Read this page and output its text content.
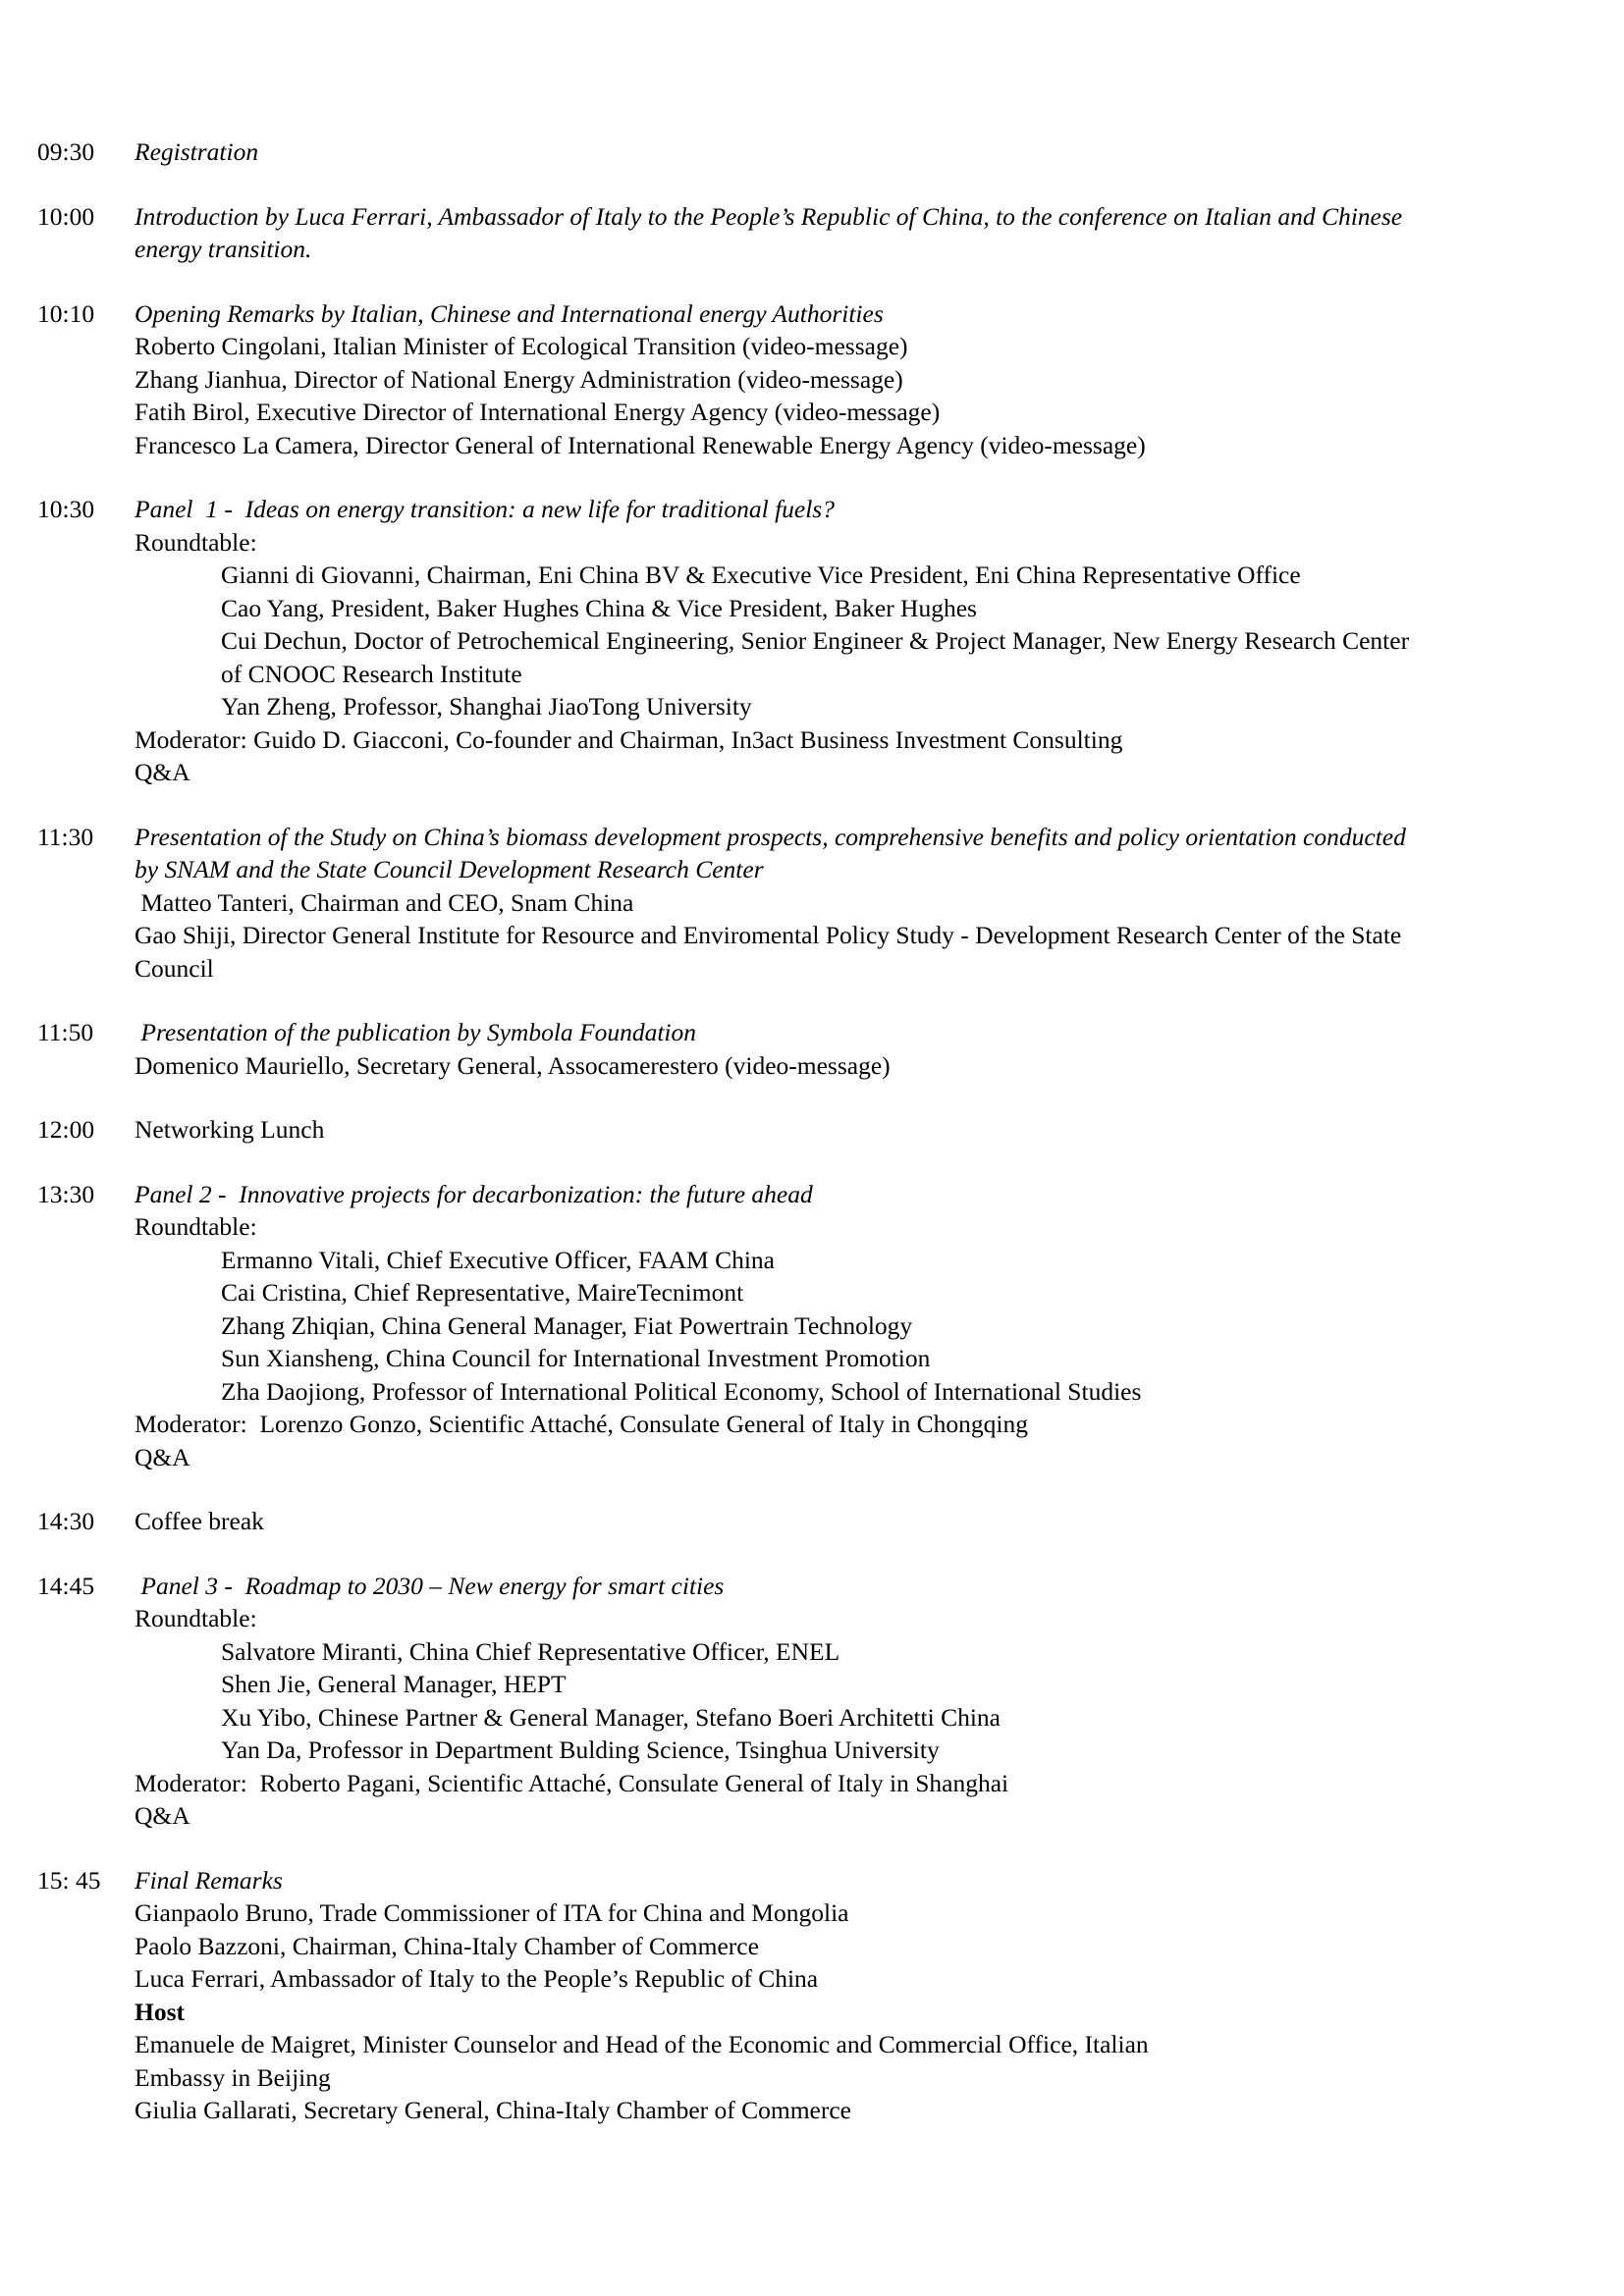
09:30	Registration
10:00	Introduction by Luca Ferrari, Ambassador of Italy to the People’s Republic of China, to the conference on Italian and Chinese
energy transition.
10:10	Opening Remarks by Italian, Chinese and International energy Authorities
Roberto Cingolani, Italian Minister of Ecological Transition (video-message)
Zhang Jianhua, Director of National Energy Administration (video-message)
Fatih Birol, Executive Director of International Energy Agency (video-message)
Francesco La Camera, Director General of International Renewable Energy Agency (video-message)
10:30	Panel  1 -  Ideas on energy transition: a new life for traditional fuels?
Roundtable:
Gianni di Giovanni, Chairman, Eni China BV & Executive Vice President, Eni China Representative Office
Cao Yang, President, Baker Hughes China & Vice President, Baker Hughes
Cui Dechun, Doctor of Petrochemical Engineering, Senior Engineer & Project Manager, New Energy Research Center
of CNOOC Research Institute
Yan Zheng, Professor, Shanghai JiaoTong University
Moderator: Guido D. Giacconi, Co-founder and Chairman, In3act Business Investment Consulting
Q&A
11:30	Presentation of the Study on China’s biomass development prospects, comprehensive benefits and policy orientation conducted
by SNAM and the State Council Development Research Center
Matteo Tanteri, Chairman and CEO, Snam China
Gao Shiji, Director General Institute for Resource and Enviromental Policy Study - Development Research Center of the State
Council
11:50	Presentation of the publication by Symbola Foundation
Domenico Mauriello, Secretary General, Assocamerestero (video-message)
12:00	Networking Lunch
13:30	Panel 2 -  Innovative projects for decarbonization: the future ahead
Roundtable:
Ermanno Vitali, Chief Executive Officer, FAAM China
Cai Cristina, Chief Representative, MaireTecnimont
Zhang Zhiqian, China General Manager, Fiat Powertrain Technology
Sun Xiansheng, China Council for International Investment Promotion
Zha Daojiong, Professor of International Political Economy, School of International Studies
Moderator:  Lorenzo Gonzo, Scientific Attaché, Consulate General of Italy in Chongqing
Q&A
14:30	Coffee break
14:45	Panel 3 -  Roadmap to 2030 – New energy for smart cities
Roundtable:
Salvatore Miranti, China Chief Representative Officer, ENEL
Shen Jie, General Manager, HEPT
Xu Yibo, Chinese Partner & General Manager, Stefano Boeri Architetti China
Yan Da, Professor in Department Bulding Science, Tsinghua University
Moderator:  Roberto Pagani, Scientific Attaché, Consulate General of Italy in Shanghai
Q&A
15: 45	Final Remarks
Gianpaolo Bruno, Trade Commissioner of ITA for China and Mongolia
Paolo Bazzoni, Chairman, China-Italy Chamber of Commerce
Luca Ferrari, Ambassador of Italy to the People’s Republic of China
Host
Emanuele de Maigret, Minister Counselor and Head of the Economic and Commercial Office, Italian
Embassy in Beijing
Giulia Gallarati, Secretary General, China-Italy Chamber of Commerce
